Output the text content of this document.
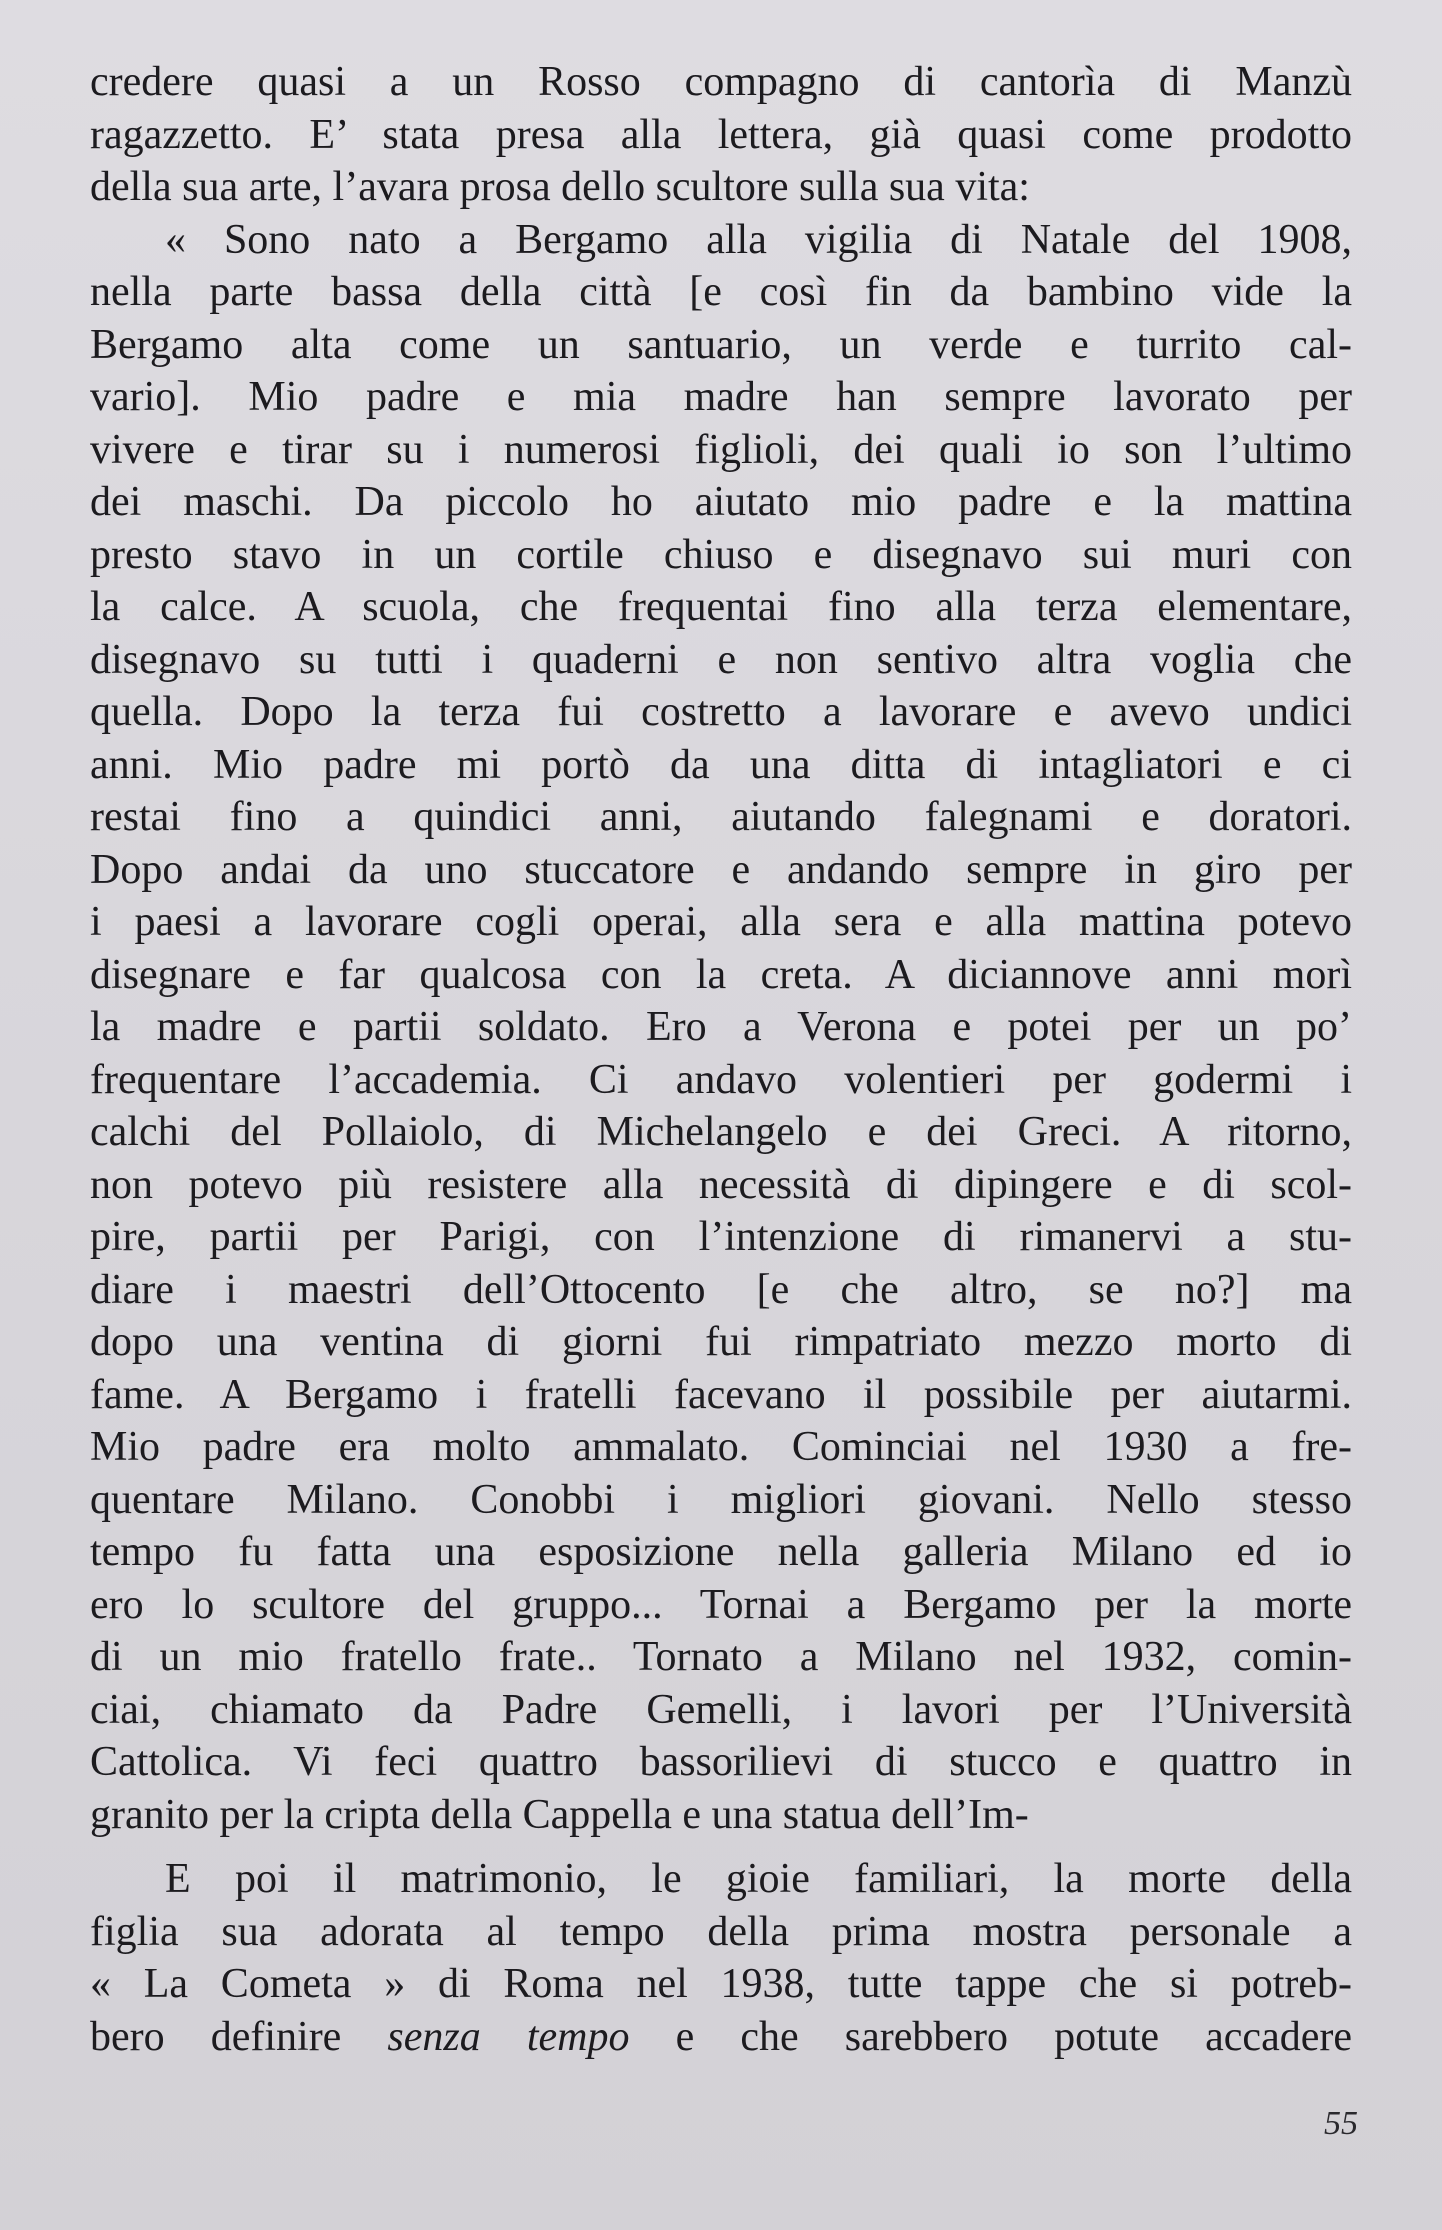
credere quasi a un Rosso compagno di cantorìa di Manzù
ragazzetto. E’ stata presa alla lettera, già quasi come prodotto
della sua arte, l’avara prosa dello scultore sulla sua vita:
« Sono nato a Bergamo alla vigilia di Natale del 1908,
nella parte bassa della città [e così fin da bambino vide la
Bergamo alta come un santuario, un verde e turrito cal-
vario]. Mio padre e mia madre han sempre lavorato per
vivere e tirar su i numerosi figlioli, dei quali io son l’ultimo
dei maschi. Da piccolo ho aiutato mio padre e la mattina
presto stavo in un cortile chiuso e disegnavo sui muri con
la calce. A scuola, che frequentai fino alla terza elementare,
disegnavo su tutti i quaderni e non sentivo altra voglia che
quella. Dopo la terza fui costretto a lavorare e avevo undici
anni. Mio padre mi portò da una ditta di intagliatori e ci
restai fino a quindici anni, aiutando falegnami e doratori.
Dopo andai da uno stuccatore e andando sempre in giro per
i paesi a lavorare cogli operai, alla sera e alla mattina potevo
disegnare e far qualcosa con la creta. A diciannove anni morì
la madre e partii soldato. Ero a Verona e potei per un po’
frequentare l’accademia. Ci andavo volentieri per godermi i
calchi del Pollaiolo, di Michelangelo e dei Greci. A ritorno,
non potevo più resistere alla necessità di dipingere e di scol-
pire, partii per Parigi, con l’intenzione di rimanervi a stu-
diare i maestri dell’Ottocento [e che altro, se no?] ma
dopo una ventina di giorni fui rimpatriato mezzo morto di
fame. A Bergamo i fratelli facevano il possibile per aiutarmi.
Mio padre era molto ammalato. Cominciai nel 1930 a fre-
quentare Milano. Conobbi i migliori giovani. Nello stesso
tempo fu fatta una esposizione nella galleria Milano ed io
ero lo scultore del gruppo... Tornai a Bergamo per la morte
di un mio fratello frate.. Tornato a Milano nel 1932, comin-
ciai, chiamato da Padre Gemelli, i lavori per l’Università
Cattolica. Vi feci quattro bassorilievi di stucco e quattro in
granito per la cripta della Cappella e una statua dell’Im-
E poi il matrimonio, le gioie familiari, la morte della
figlia sua adorata al tempo della prima mostra personale a
« La Cometa » di Roma nel 1938, tutte tappe che si potreb-
bero definire senza tempo e che sarebbero potute accadere
55
